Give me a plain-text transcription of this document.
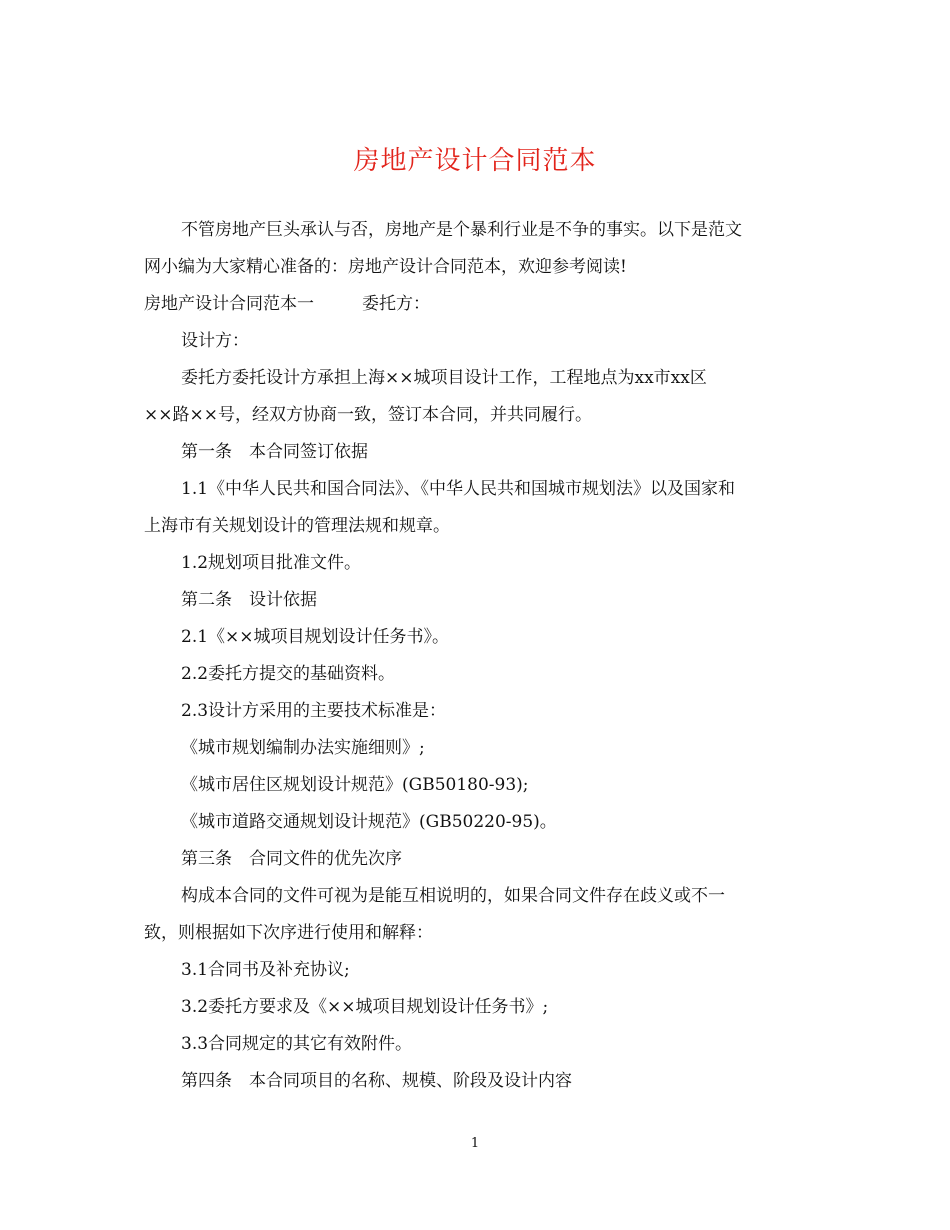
房地产设计合同范本
不管房地产巨头承认与否，房地产是个暴利行业是不争的事实。以下是范文
网小编为大家精心准备的：房地产设计合同范本，欢迎参考阅读!
房地产设计合同范本一	委托方：
设计方：
委托方委托设计方承担上海××城项目设计工作，工程地点为xx市xx区
××路××号，经双方协商一致，签订本合同，并共同履行。
第一条　本合同签订依据
1.1《中华人民共和国合同法》、《中华人民共和国城市规划法》以及国家和
上海市有关规划设计的管理法规和规章。
1.2规划项目批准文件。
第二条　设计依据
2.1《××城项目规划设计任务书》。
2.2委托方提交的基础资料。
2.3设计方采用的主要技术标准是：
《城市规划编制办法实施细则》;
《城市居住区规划设计规范》(GB50180-93);
《城市道路交通规划设计规范》(GB50220-95)。
第三条　合同文件的优先次序
构成本合同的文件可视为是能互相说明的，如果合同文件存在歧义或不一
致，则根据如下次序进行使用和解释：
3.1合同书及补充协议;
3.2委托方要求及《××城项目规划设计任务书》;
3.3合同规定的其它有效附件。
第四条　本合同项目的名称、规模、阶段及设计内容
1
